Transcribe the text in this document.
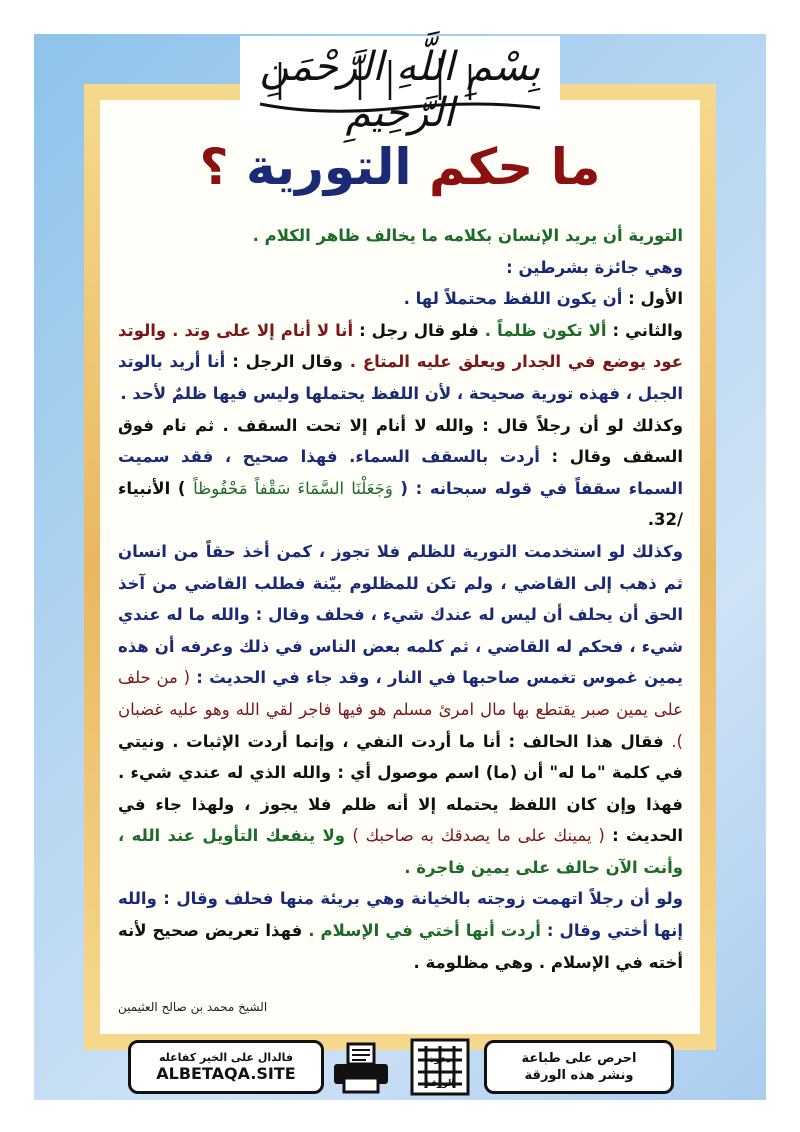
بِسْمِ اللَّهِ الرَّحْمَنِ الرَّحِيمِ
ما حكم التورية ؟

التورية أن يريد الإنسان بكلامه ما يخالف ظاهر الكلام .

وهي جائزة بشرطين :

الأول : أن يكون اللفظ محتملاً لها .

والثاني : ألا تكون ظلماً . فلو قال رجل : أنا لا أنام إلا على وتد . والوتد عود يوضع في الجدار ويعلق عليه المتاع . وقال الرجل : أنا أريد بالوتد الجبل ، فهذه تورية صحيحة ، لأن اللفظ يحتملها وليس فيها ظلمٌ لأحد .

وكذلك لو أن رجلاً قال : والله لا أنام إلا تحت السقف . ثم نام فوق السقف وقال : أردت بالسقف السماء. فهذا صحيح ، فقد سميت السماء سقفاً في قوله سبحانه : ( وَجَعَلْنَا السَّمَاءَ سَقْفاً مَحْفُوظاً ) الأنبياء /32.

وكذلك لو استخدمت التورية للظلم فلا تجوز ، كمن أخذ حقاً من انسان ثم ذهب إلى القاضي ، ولم تكن للمظلوم بيّنة فطلب القاضي من آخذ الحق أن يحلف أن ليس له عندك شيء ، فحلف وقال : والله ما له عندي شيء ، فحكم له القاضي ، ثم كلمه بعض الناس في ذلك وعرفه أن هذه يمين غموس تغمس صاحبها في النار ، وقد جاء في الحديث : ( من حلف على يمين صبر يقتطع بها مال امرئ مسلم هو فيها فاجر لقي الله وهو عليه غضبان ). فقال هذا الحالف : أنا ما أردت النفي ، وإنما أردت الإثبات . ونيتي في كلمة "ما له" أن (ما) اسم موصول أي : والله الذي له عندي شيء . فهذا وإن كان اللفظ يحتمله إلا أنه ظلم فلا يجوز ، ولهذا جاء في الحديث : ( يمينك على ما يصدقك به صاحبك ) ولا ينفعك التأويل عند الله ، وأنت الآن حالف على يمين فاجرة .

ولو أن رجلاً اتهمت زوجته بالخيانة وهي بريئة منها فحلف وقال : والله إنها أختي وقال : أردت أنها أختي في الإسلام . فهذا تعريض صحيح لأنه أخته في الإسلام . وهي مظلومة .

الشيخ محمد بن صالح العثيمين
احرص على طباعة
ونشر هذه الورقة
دعوة
الورقة
فالدال على الخير كفاعله
ALBETAQA.SITE
